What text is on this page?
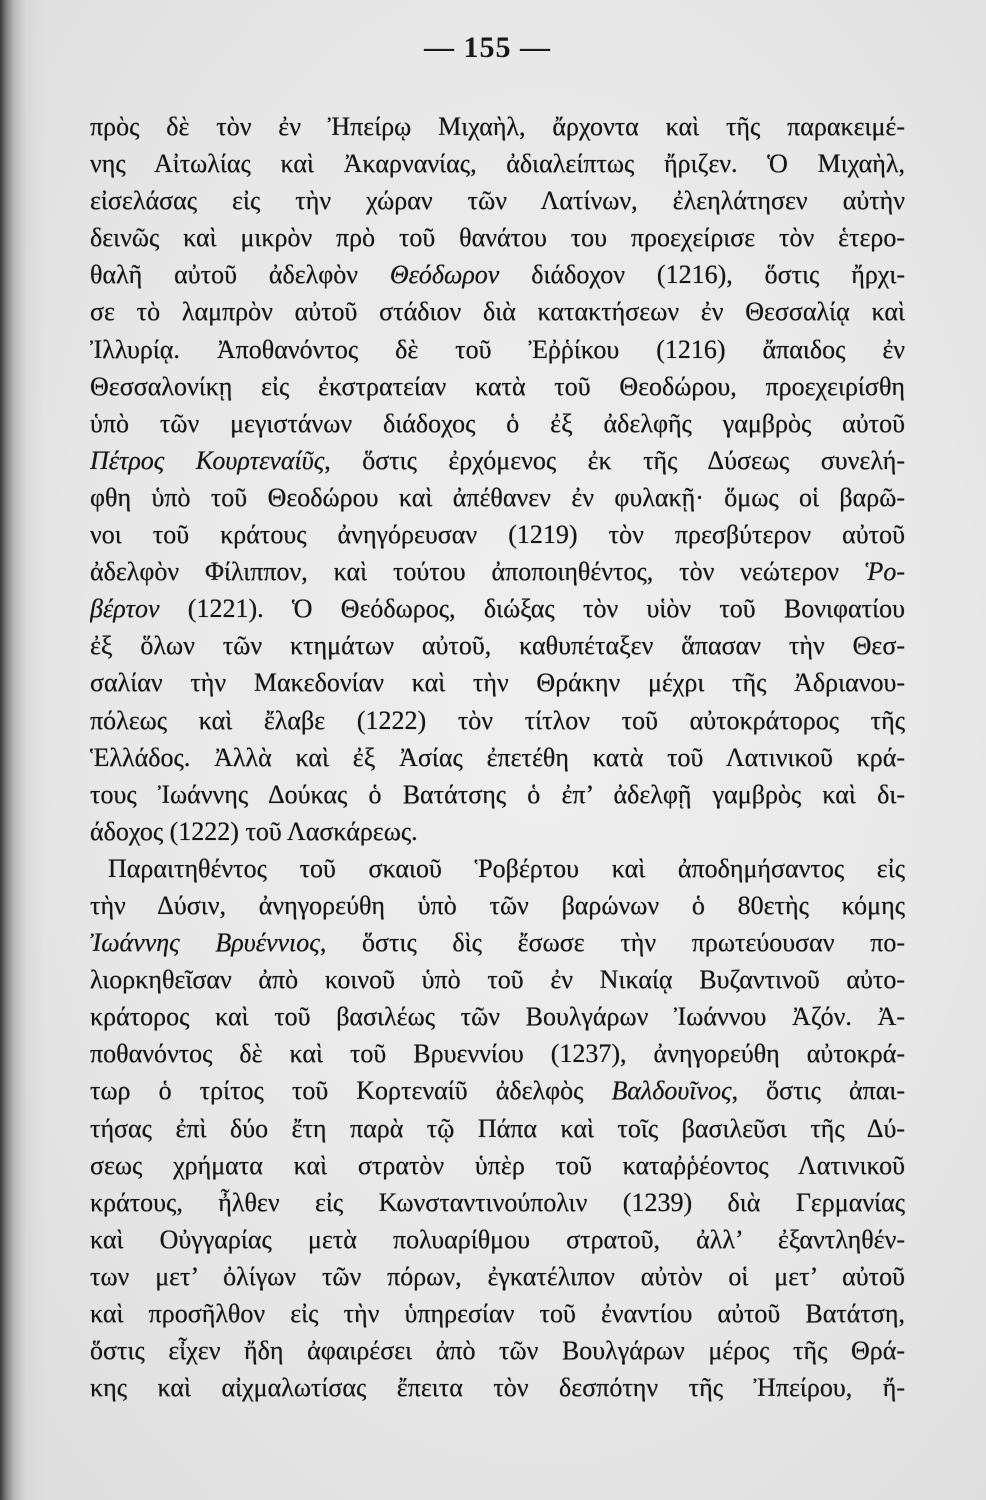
— 155 —
πρὸς δὲ τὸν ἐν Ἠπείρῳ Μιχαὴλ, ἄρχοντα καὶ τῆς παρακειμέ-
νης Αἰτωλίας καὶ Ἀκαρνανίας, ἀδιαλείπτως ἤριζεν. Ὁ Μιχαὴλ,
εἰσελάσας εἰς τὴν χώραν τῶν Λατίνων, ἐλεηλάτησεν αὐτὴν
δεινῶς καὶ μικρὸν πρὸ τοῦ θανάτου του προεχείρισε τὸν ἑτερο-
θαλῆ αὐτοῦ ἀδελφὸν Θεόδωρον διάδοχον (1216), ὅστις ἤρχι-
σε τὸ λαμπρὸν αὐτοῦ στάδιον διὰ κατακτήσεων ἐν Θεσσαλίᾳ καὶ
Ἰλλυρίᾳ. Ἀποθανόντος δὲ τοῦ Ἐῤῥίκου (1216) ἄπαιδος ἐν
Θεσσαλονίκῃ εἰς ἐκστρατείαν κατὰ τοῦ Θεοδώρου, προεχειρίσθη
ὑπὸ τῶν μεγιστάνων διάδοχος ὁ ἐξ ἀδελφῆς γαμβρὸς αὐτοῦ
Πέτρος Κουρτεναίῦς, ὅστις ἐρχόμενος ἐκ τῆς Δύσεως συνελή-
φθη ὑπὸ τοῦ Θεοδώρου καὶ ἀπέθανεν ἐν φυλακῇ· ὅμως οἱ βαρῶ-
νοι τοῦ κράτους ἀνηγόρευσαν (1219) τὸν πρεσβύτερον αὐτοῦ
ἀδελφὸν Φίλιππον, καὶ τούτου ἀποποιηθέντος, τὸν νεώτερον Ῥο-
βέρτον (1221). Ὁ Θεόδωρος, διώξας τὸν υἱὸν τοῦ Βονιφατίου
ἐξ ὅλων τῶν κτημάτων αὐτοῦ, καθυπέταξεν ἅπασαν τὴν Θεσ-
σαλίαν τὴν Μακεδονίαν καὶ τὴν Θράκην μέχρι τῆς Ἀδριανου-
πόλεως καὶ ἔλαβε (1222) τὸν τίτλον τοῦ αὐτοκράτορος τῆς
Ἑλλάδος. Ἀλλὰ καὶ ἐξ Ἀσίας ἐπετέθη κατὰ τοῦ Λατινικοῦ κρά-
τους Ἰωάννης Δούκας ὁ Βατάτσης ὁ ἐπ’ ἀδελφῇ γαμβρὸς καὶ δι-
άδοχος (1222) τοῦ Λασκάρεως.
Παραιτηθέντος τοῦ σκαιοῦ Ῥοβέρτου καὶ ἀποδημήσαντος εἰς
τὴν Δύσιν, ἀνηγορεύθη ὑπὸ τῶν βαρώνων ὁ 80ετὴς κόμης
Ἰωάννης Βρυέννιος, ὅστις δὶς ἔσωσε τὴν πρωτεύουσαν πο-
λιορκηθεῖσαν ἀπὸ κοινοῦ ὑπὸ τοῦ ἐν Νικαίᾳ Βυζαντινοῦ αὐτο-
κράτορος καὶ τοῦ βασιλέως τῶν Βουλγάρων Ἰωάννου Ἀζόν. Ἀ-
ποθανόντος δὲ καὶ τοῦ Βρυεννίου (1237), ἀνηγορεύθη αὐτοκρά-
τωρ ὁ τρίτος τοῦ Κορτεναίῦ ἀδελφὸς Βαλδουῖνος, ὅστις ἀπαι-
τήσας ἐπὶ δύο ἔτη παρὰ τῷ Πάπα καὶ τοῖς βασιλεῦσι τῆς Δύ-
σεως χρήματα καὶ στρατὸν ὑπὲρ τοῦ καταῤῥέοντος Λατινικοῦ
κράτους, ἦλθεν εἰς Κωνσταντινούπολιν (1239) διὰ Γερμανίας
καὶ Οὐγγαρίας μετὰ πολυαρίθμου στρατοῦ, ἀλλ’ ἐξαντληθέν-
των μετ’ ὀλίγων τῶν πόρων, ἐγκατέλιπον αὐτὸν οἱ μετ’ αὐτοῦ
καὶ προσῆλθον εἰς τὴν ὑπηρεσίαν τοῦ ἐναντίου αὐτοῦ Βατάτση,
ὅστις εἶχεν ἤδη ἀφαιρέσει ἀπὸ τῶν Βουλγάρων μέρος τῆς Θρά-
κης καὶ αἰχμαλωτίσας ἔπειτα τὸν δεσπότην τῆς Ἠπείρου, ἤ-
